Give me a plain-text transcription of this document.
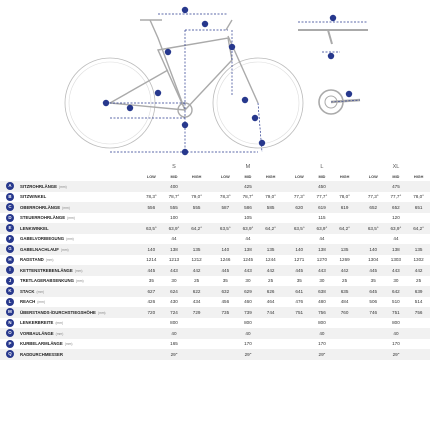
		S				M				L				XL		
		LOW	MID	HIGH		LOW	MID	HIGH		LOW	MID	HIGH		LOW	MID	HIGH
A	SITZROHRLÄNGE (mm)	400				425				450				475		
B	SITZWINKEL	78,3°	78,7°	79,0°		78,3°	78,7°	79,0°		77,3°	77,7°	78,0°		77,3°	77,7°	78,0°
C	OBERROHRLÄNGE (mm)	556	555	555		587	586	585		620	619	619		652	652	651
D	STEUERROHRLÄNGE (mm)	100				105				115				120		
E	LENKWINKEL	63,5°	63,9°	64,2°		63,5°	63,9°	64,2°		63,5°	63,9°	64,2°		63,5°	63,9°	64,2°
F	GABELVORBIEGUNG (mm)	44				44				44				44		
G	GABELNACHLAUF (mm)	140	138	135		140	138	135		140	138	135		140	138	135
H	RADSTAND (mm)	1214	1213	1212		1246	1245	1244		1271	1270	1269		1304	1303	1302
I	KETTENSTREBENLÄNGE (mm)	445	443	442		445	443	442		445	443	442		445	443	442
J	TRETLAGERABSENKUNG (mm)	35	30	25		35	30	25		35	30	25		35	30	25
K	STACK (mm)	627	624	622		632	629	626		641	638	635		645	642	639
L	REACH (mm)	426	430	434		456	460	464		476	480	484		506	510	514
M	ÜBERSTANDS-/DURCHSTIEGSHÖHE (mm)	720	724	729		735	739	744		751	756	760		746	751	756
N	LENKERBREITE (mm)	800				800				800				800		
O	VORBAULÄNGE (mm)	40				40				40				40		
P	KURBELARMLÄNGE (mm)	165				170				170				170		
Q	RADDURCHMESSER	29"				29"				29"				29"		
